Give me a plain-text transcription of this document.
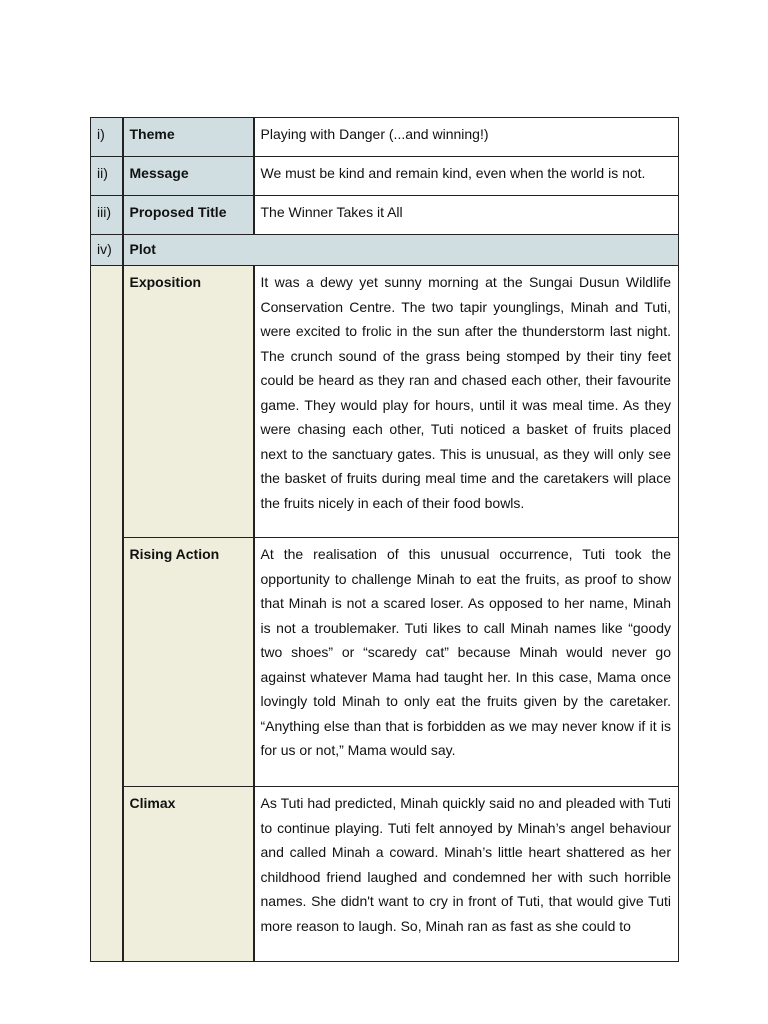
i)	Theme	Playing with Danger (...and winning!)
ii)	Message	We must be kind and remain kind, even when the world is not.
iii)	Proposed Title	The Winner Takes it All
iv)	Plot	
	Exposition	It was a dewy yet sunny morning at the Sungai Dusun Wildlife Conservation Centre. The two tapir younglings, Minah and Tuti, were excited to frolic in the sun after the thunderstorm last night. The crunch sound of the grass being stomped by their tiny feet could be heard as they ran and chased each other, their favourite game. They would play for hours, until it was meal time. As they were chasing each other, Tuti noticed a basket of fruits placed next to the sanctuary gates. This is unusual, as they will only see the basket of fruits during meal time and the caretakers will place the fruits nicely in each of their food bowls.
	Rising Action	At the realisation of this unusual occurrence, Tuti took the opportunity to challenge Minah to eat the fruits, as proof to show that Minah is not a scared loser. As opposed to her name, Minah is not a troublemaker. Tuti likes to call Minah names like “goody two shoes” or “scaredy cat” because Minah would never go against whatever Mama had taught her. In this case, Mama once lovingly told Minah to only eat the fruits given by the caretaker. “Anything else than that is forbidden as we may never know if it is for us or not,” Mama would say.
	Climax	As Tuti had predicted, Minah quickly said no and pleaded with Tuti to continue playing. Tuti felt annoyed by Minah’s angel behaviour and called Minah a coward. Minah’s little heart shattered as her childhood friend laughed and condemned her with such horrible names. She didn't want to cry in front of Tuti, that would give Tuti more reason to laugh. So, Minah ran as fast as she could to
